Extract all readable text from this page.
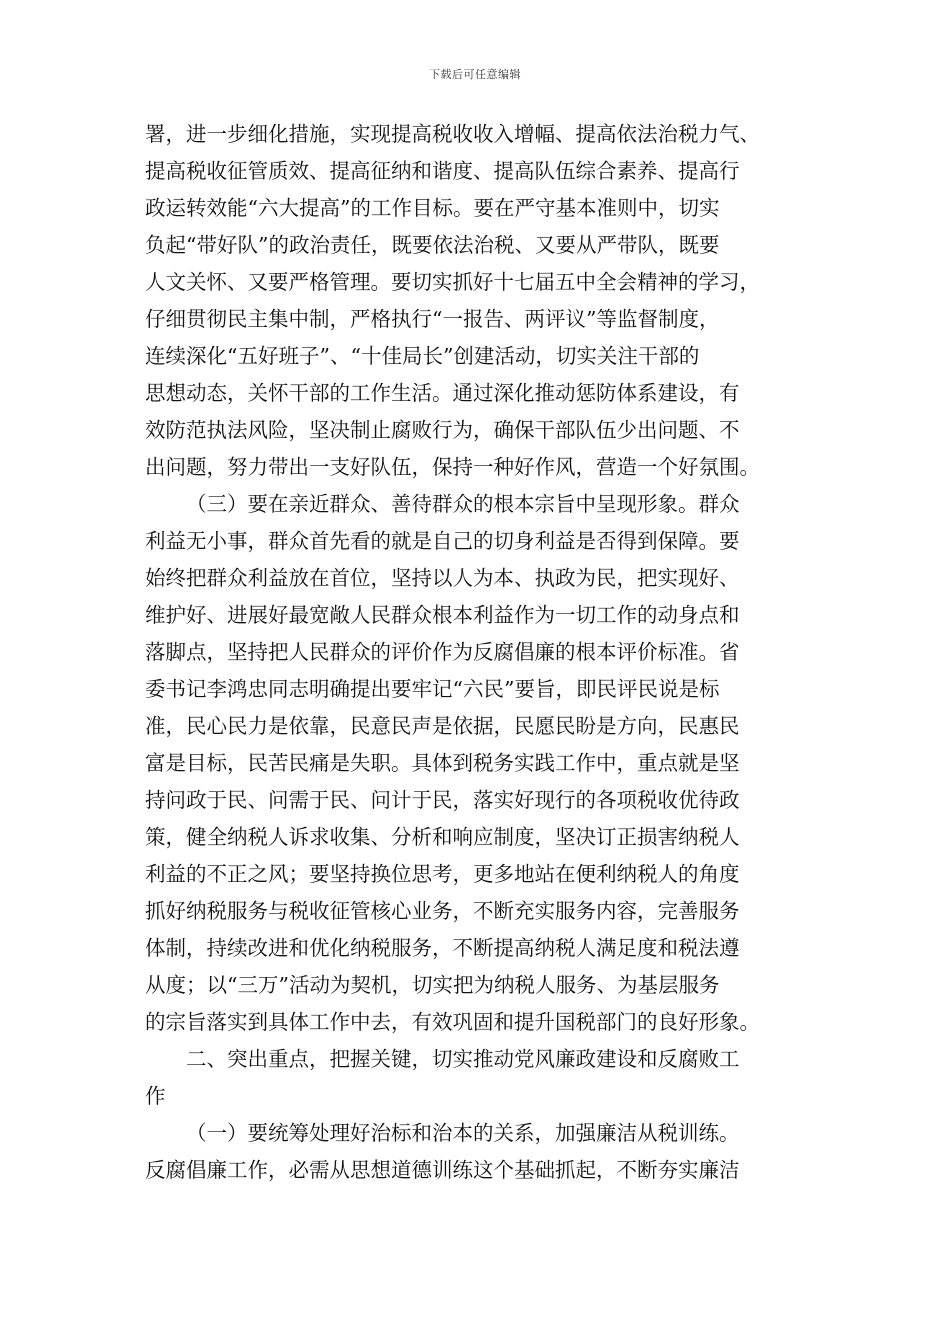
下载后可任意编辑
署，进一步细化措施，实现提高税收收入增幅、提高依法治税力气、
提高税收征管质效、提高征纳和谐度、提高队伍综合素养、提高行
政运转效能“六大提高”的工作目标。要在严守基本准则中，切实
负起“带好队”的政治责任，既要依法治税、又要从严带队，既要
人文关怀、又要严格管理。要切实抓好十七届五中全会精神的学习，
仔细贯彻民主集中制，严格执行“一报告、两评议”等监督制度，
连续深化“五好班子”、“十佳局长”创建活动，切实关注干部的
思想动态，关怀干部的工作生活。通过深化推动惩防体系建设，有
效防范执法风险，坚决制止腐败行为，确保干部队伍少出问题、不
出问题，努力带出一支好队伍，保持一种好作风，营造一个好氛围。
（三）要在亲近群众、善待群众的根本宗旨中呈现形象。群众
利益无小事，群众首先看的就是自己的切身利益是否得到保障。要
始终把群众利益放在首位，坚持以人为本、执政为民，把实现好、
维护好、进展好最宽敞人民群众根本利益作为一切工作的动身点和
落脚点，坚持把人民群众的评价作为反腐倡廉的根本评价标准。省
委书记李鸿忠同志明确提出要牢记“六民”要旨，即民评民说是标
准，民心民力是依靠，民意民声是依据，民愿民盼是方向，民惠民
富是目标，民苦民痛是失职。具体到税务实践工作中，重点就是坚
持问政于民、问需于民、问计于民，落实好现行的各项税收优待政
策，健全纳税人诉求收集、分析和响应制度，坚决订正损害纳税人
利益的不正之风；要坚持换位思考，更多地站在便利纳税人的角度
抓好纳税服务与税收征管核心业务，不断充实服务内容，完善服务
体制，持续改进和优化纳税服务，不断提高纳税人满足度和税法遵
从度；以“三万”活动为契机，切实把为纳税人服务、为基层服务
的宗旨落实到具体工作中去，有效巩固和提升国税部门的良好形象。
二、突出重点，把握关键，切实推动党风廉政建设和反腐败工
作
（一）要统筹处理好治标和治本的关系，加强廉洁从税训练。
反腐倡廉工作，必需从思想道德训练这个基础抓起，不断夯实廉洁
